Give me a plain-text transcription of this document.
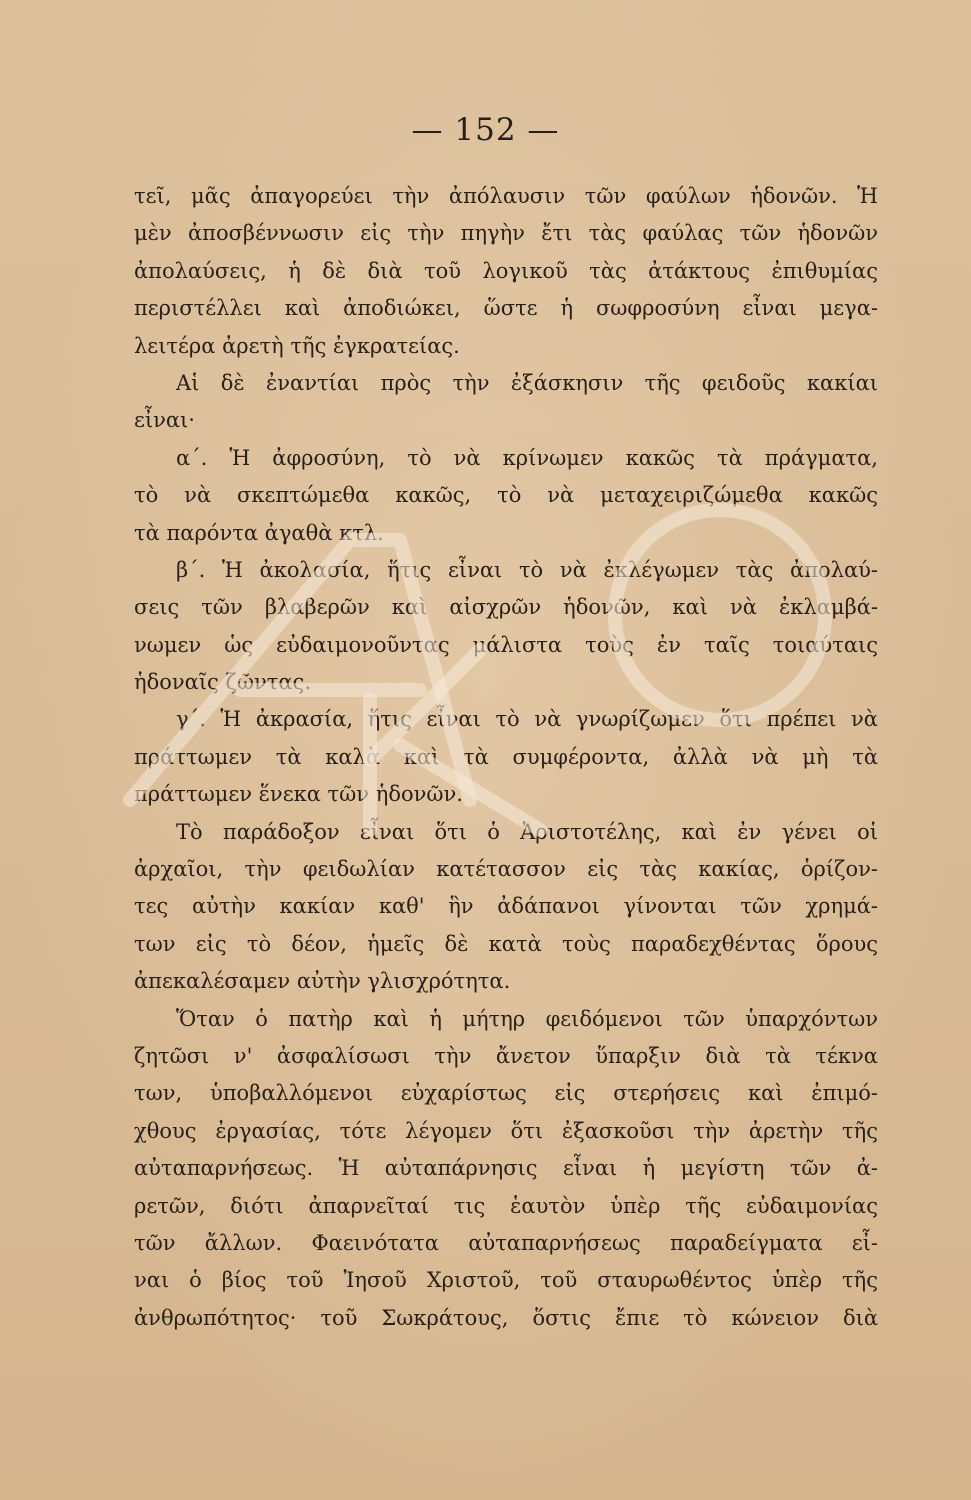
— 152 —
τεῖ, μᾶς ἀπαγορεύει τὴν ἀπόλαυσιν τῶν φαύλων ἡδονῶν. Ἡ
μὲν ἀποσβέννωσιν εἰς τὴν πηγὴν ἔτι τὰς φαύλας τῶν ἡδονῶν
ἀπολαύσεις, ἡ δὲ διὰ τοῦ λογικοῦ τὰς ἀτάκτους ἐπιθυμίας
περιστέλλει καὶ ἀποδιώκει, ὥστε ἡ σωφροσύνη εἶναι μεγα-
λειτέρα ἀρετὴ τῆς ἐγκρατείας.
Αἱ δὲ ἐναντίαι πρὸς τὴν ἐξάσκησιν τῆς φειδοῦς κακίαι
εἶναι·
α΄. Ἡ ἀφροσύνη, τὸ νὰ κρίνωμεν κακῶς τὰ πράγματα,
τὸ νὰ σκεπτώμεθα κακῶς, τὸ νὰ μεταχειριζώμεθα κακῶς
τὰ παρόντα ἀγαθὰ κτλ.
β΄. Ἡ ἀκολασία, ἥτις εἶναι τὸ νὰ ἐκλέγωμεν τὰς ἀπολαύ-
σεις τῶν βλαβερῶν καὶ αἰσχρῶν ἡδονῶν, καὶ νὰ ἐκλαμβά-
νωμεν ὡς εὐδαιμονοῦντας μάλιστα τοὺς ἐν ταῖς τοιαύταις
ἡδοναῖς ζῶντας.
γ΄. Ἡ ἀκρασία, ἥτις εἶναι τὸ νὰ γνωρίζωμεν ὅτι πρέπει νὰ
πράττωμεν τὰ καλὰ καὶ τὰ συμφέροντα, ἀλλὰ νὰ μὴ τὰ
πράττωμεν ἕνεκα τῶν ἡδονῶν.
Τὸ παράδοξον εἶναι ὅτι ὁ Ἀριστοτέλης, καὶ ἐν γένει οἱ
ἀρχαῖοι, τὴν φειδωλίαν κατέτασσον εἰς τὰς κακίας, ὁρίζον-
τες αὐτὴν κακίαν καθ' ἣν ἀδάπανοι γίνονται τῶν χρημά-
των εἰς τὸ δέον, ἡμεῖς δὲ κατὰ τοὺς παραδεχθέντας ὅρους
ἀπεκαλέσαμεν αὐτὴν γλισχρότητα.
Ὅταν ὁ πατὴρ καὶ ἡ μήτηρ φειδόμενοι τῶν ὑπαρχόντων
ζητῶσι ν' ἀσφαλίσωσι τὴν ἄνετον ὕπαρξιν διὰ τὰ τέκνα
των, ὑποβαλλόμενοι εὐχαρίστως εἰς στερήσεις καὶ ἐπιμό-
χθους ἐργασίας, τότε λέγομεν ὅτι ἐξασκοῦσι τὴν ἀρετὴν τῆς
αὐταπαρνήσεως. Ἡ αὐταπάρνησις εἶναι ἡ μεγίστη τῶν ἀ-
ρετῶν, διότι ἀπαρνεῖταί τις ἑαυτὸν ὑπὲρ τῆς εὐδαιμονίας
τῶν ἄλλων. Φαεινότατα αὐταπαρνήσεως παραδείγματα εἶ-
ναι ὁ βίος τοῦ Ἰησοῦ Χριστοῦ, τοῦ σταυρωθέντος ὑπὲρ τῆς
ἀνθρωπότητος· τοῦ Σωκράτους, ὅστις ἔπιε τὸ κώνειον διὰ
